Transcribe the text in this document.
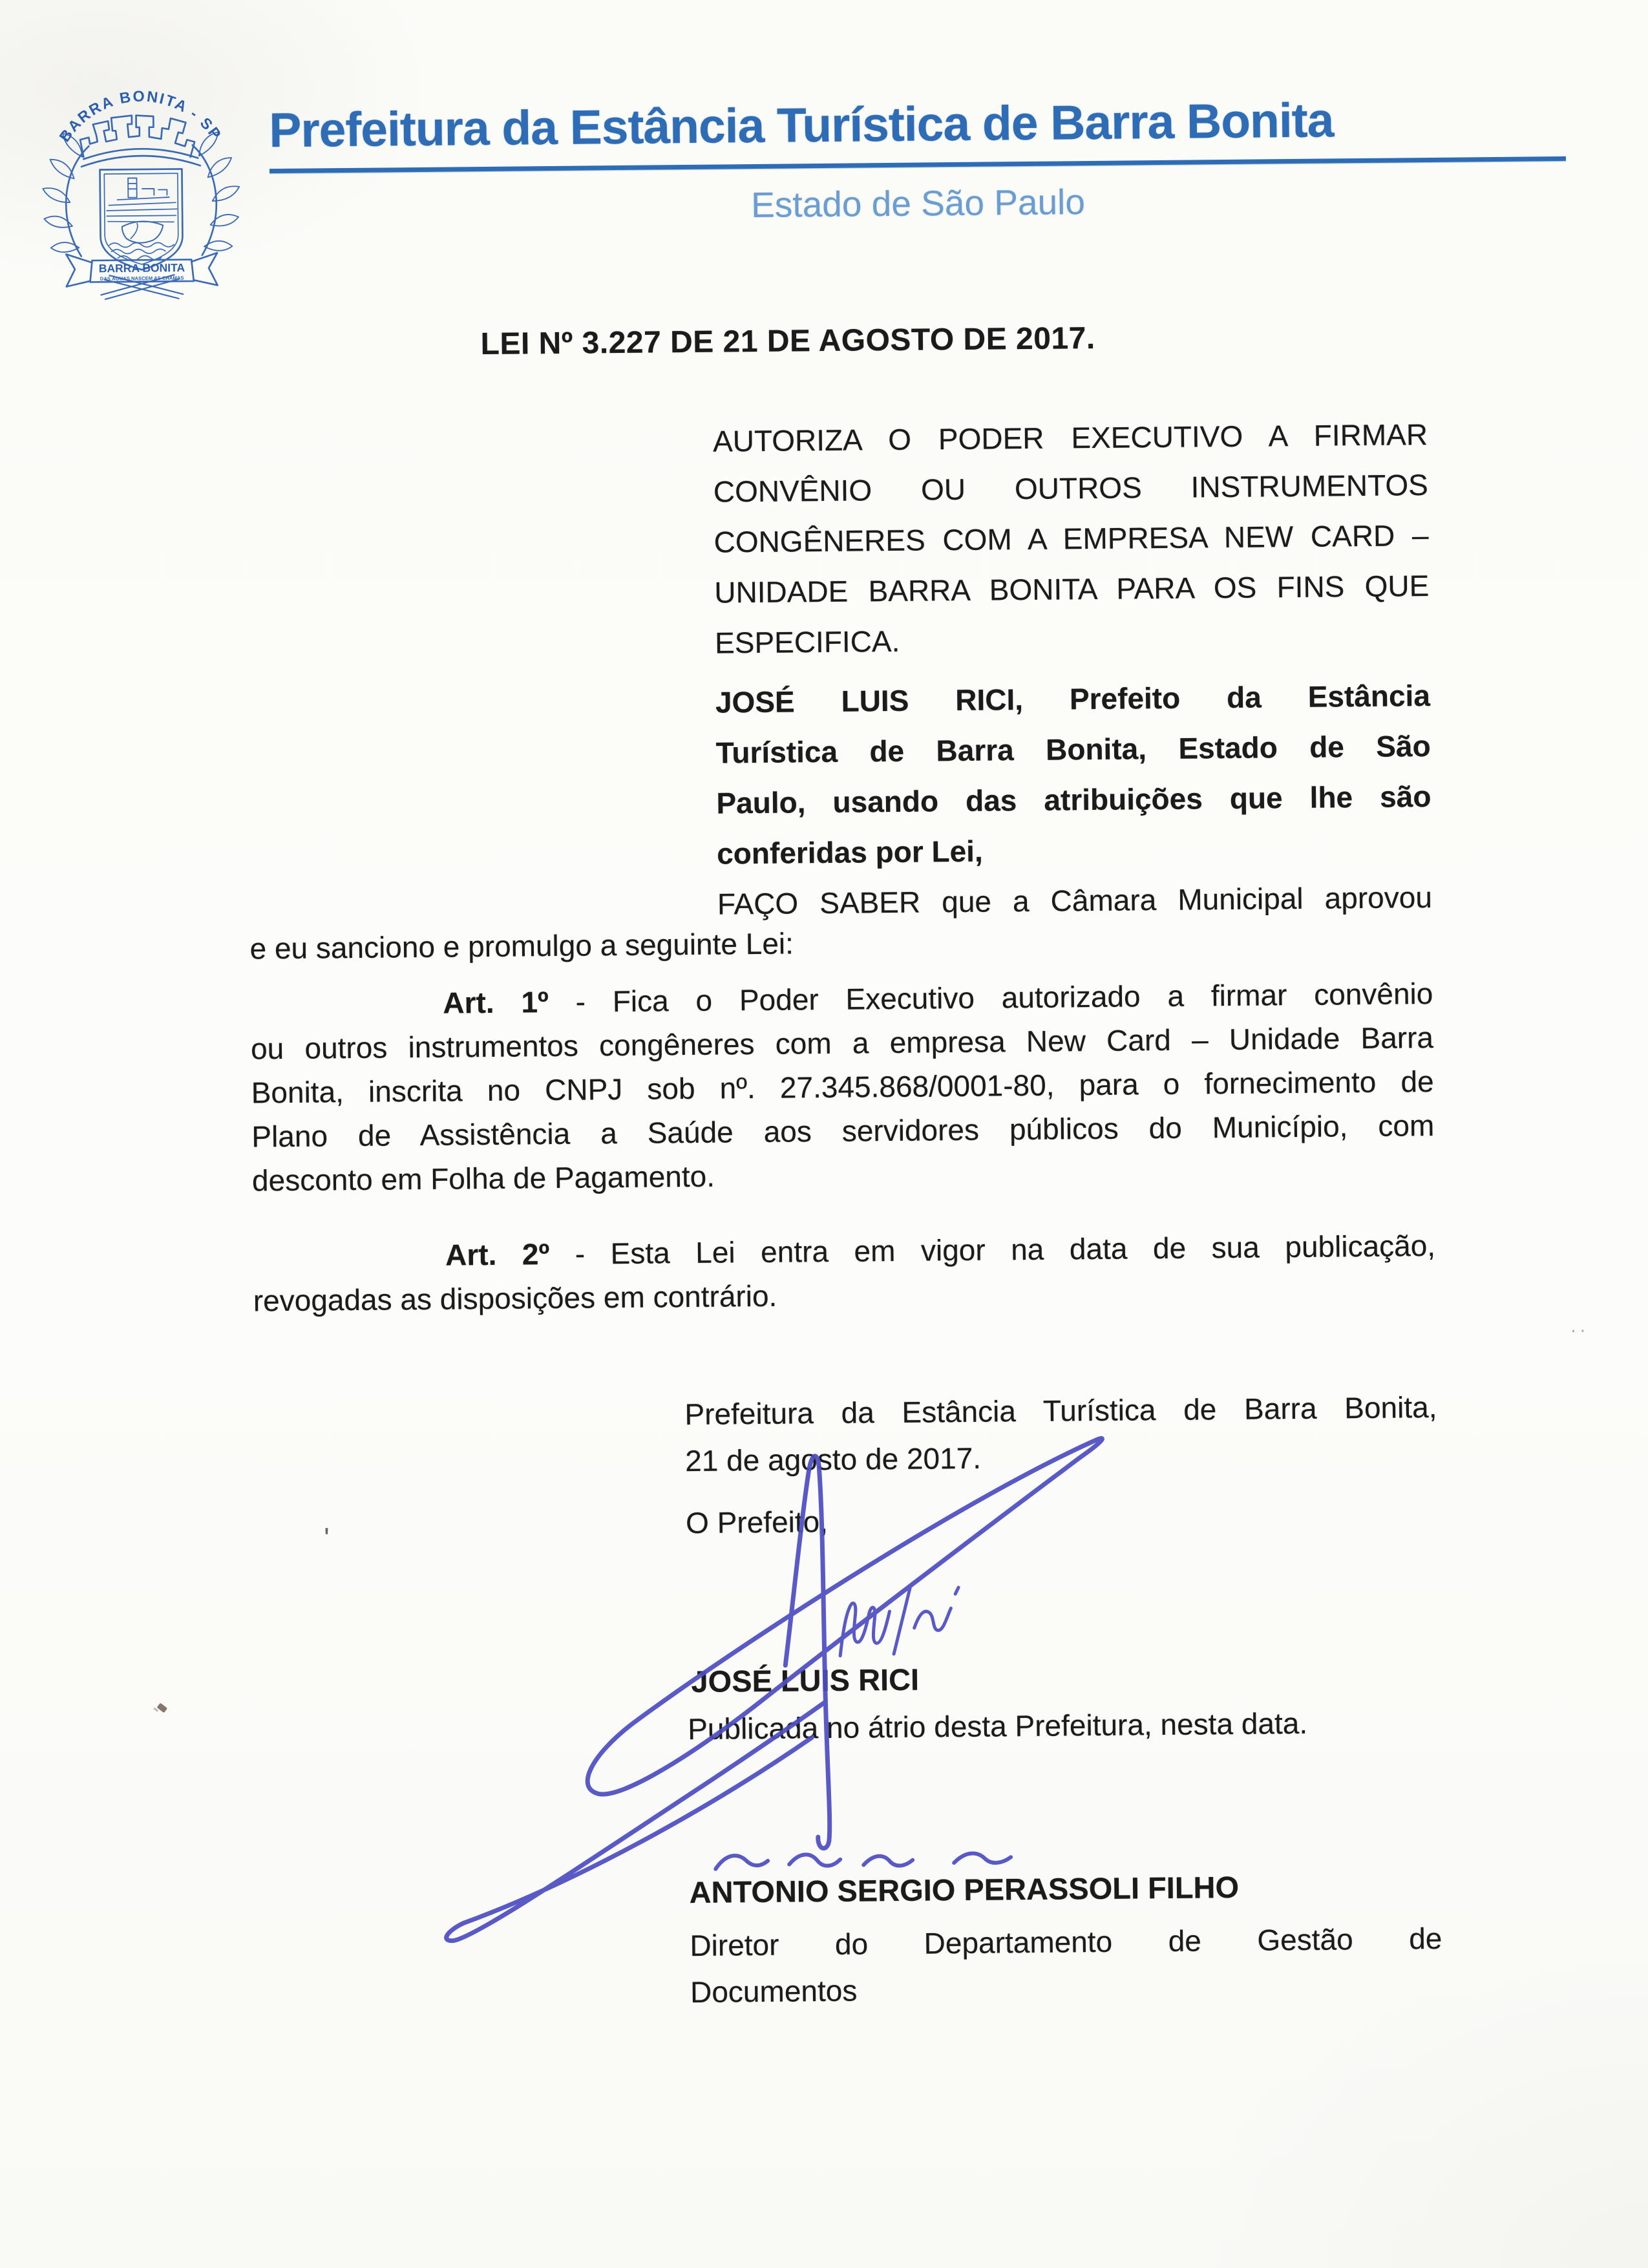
BARRA BONITA - SP
BARRA BONITA
DAS ÁGUAS NASCEM AS CHAMAS
Prefeitura da Estância Turística de Barra Bonita
Estado de São Paulo
LEI Nº 3.227 DE 21 DE AGOSTO DE 2017.
AUTORIZA O PODER EXECUTIVO A FIRMAR
CONVÊNIO OU OUTROS INSTRUMENTOS
CONGÊNERES COM A EMPRESA NEW CARD –
UNIDADE BARRA BONITA PARA OS FINS QUE
ESPECIFICA.
JOSÉ LUIS RICI, Prefeito da Estância
Turística de Barra Bonita, Estado de São
Paulo, usando das atribuições que lhe são
conferidas por Lei,
FAÇO SABER que a Câmara Municipal aprovou
e eu sanciono e promulgo a seguinte Lei:
Art. 1º - Fica o Poder Executivo autorizado a firmar convênio
ou outros instrumentos congêneres com a empresa New Card – Unidade Barra
Bonita, inscrita no CNPJ sob nº. 27.345.868/0001-80, para o fornecimento de
Plano de Assistência a Saúde aos servidores públicos do Município, com
desconto em Folha de Pagamento.
Art. 2º - Esta Lei entra em vigor na data de sua publicação,
revogadas as disposições em contrário.
Prefeitura da Estância Turística de Barra Bonita,
21 de agosto de 2017.
O Prefeito,
JOSÉ LUIS RICI
Publicada no átrio desta Prefeitura, nesta data.
ANTONIO SERGIO PERASSOLI FILHO
Diretor do Departamento de Gestão de
Documentos
'
..
